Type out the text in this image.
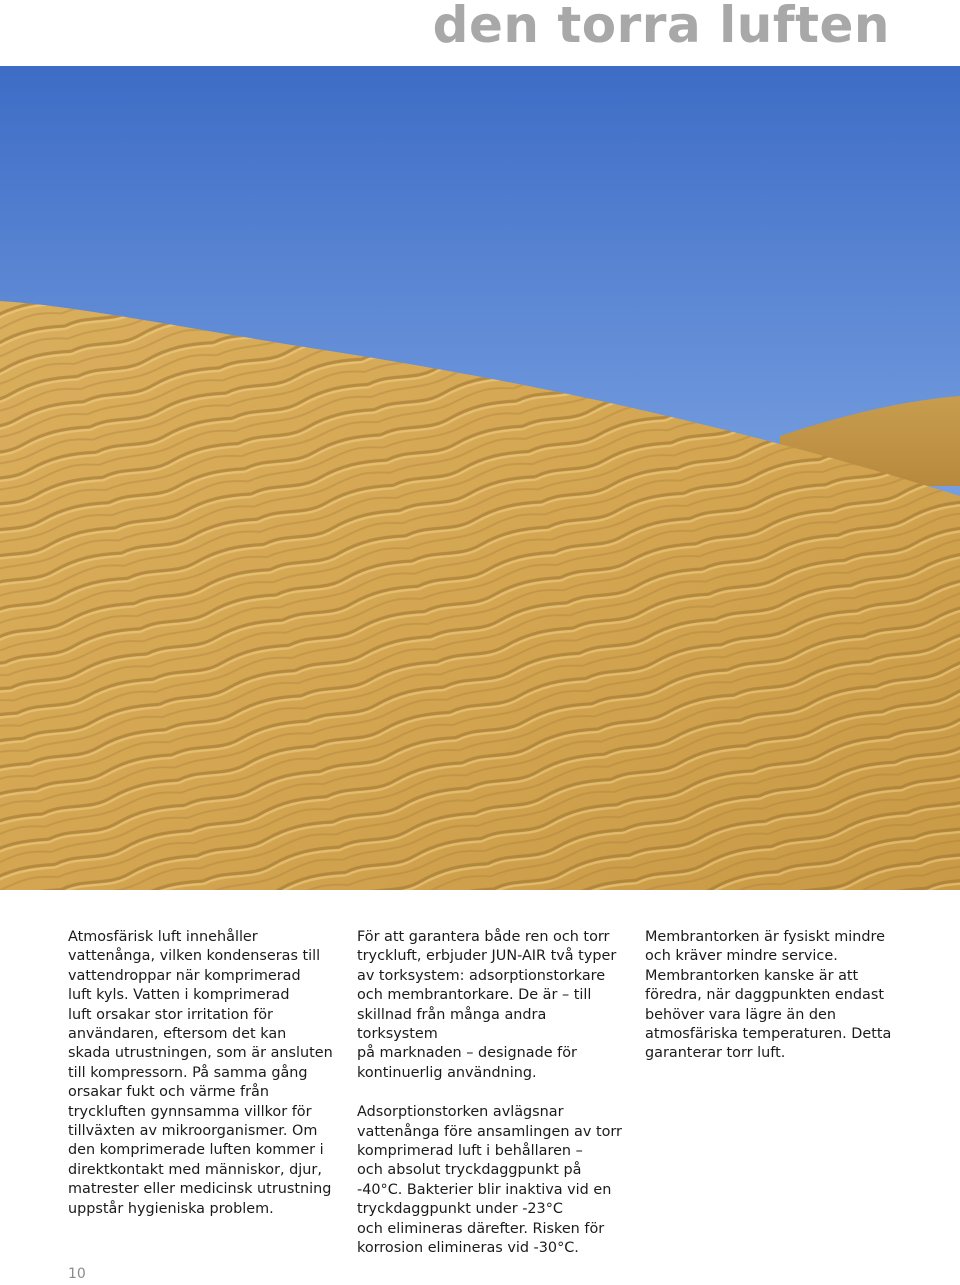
den torra luften

Atmosfärisk luft innehåller
vattenånga, vilken kondenseras till
vattendroppar när komprimerad
luft kyls. Vatten i komprimerad
luft orsakar stor irritation för
användaren, eftersom det kan
skada utrustningen, som är ansluten
till kompressorn. På samma gång
orsakar fukt och värme från
tryckluften gynnsamma villkor för
tillväxten av mikroorganismer. Om
den komprimerade luften kommer i
direktkontakt med människor, djur,
matrester eller medicinsk utrustning
uppstår hygieniska problem.

För att garantera både ren och torr
tryckluft, erbjuder JUN-AIR två typer
av torksystem: adsorptionstorkare
och membrantorkare. De är – till
skillnad från många andra torksystem
på marknaden – designade för
kontinuerlig användning.

Adsorptionstorken avlägsnar
vattenånga före ansamlingen av torr
komprimerad luft i behållaren –
och absolut tryckdaggpunkt på
-40°C. Bakterier blir inaktiva vid en
tryckdaggpunkt under -23°C
och elimineras därefter. Risken för
korrosion elimineras vid -30°C.

Membrantorken är fysiskt mindre
och kräver mindre service.
Membrantorken kanske är att
föredra, när daggpunkten endast
behöver vara lägre än den
atmosfäriska temperaturen. Detta
garanterar torr luft.

10
